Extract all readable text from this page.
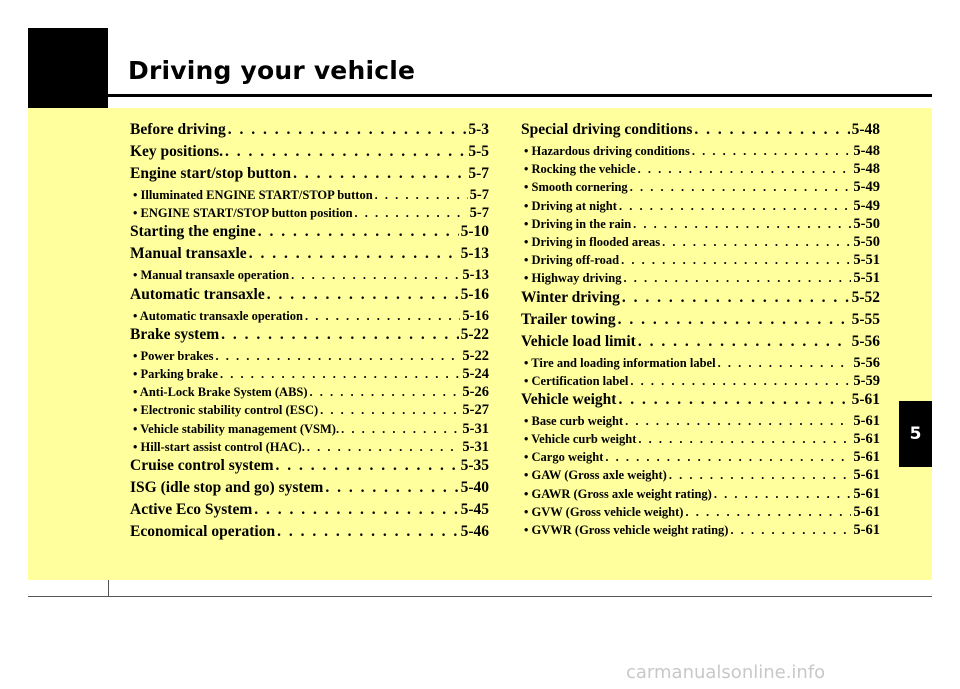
Driving your vehicle
5
Before driving . . .	5-3
Key positions. . . .	5-5
Engine start/stop button . . .	5-7
• Illuminated ENGINE START/STOP button . . .	5-7
• ENGINE START/STOP button position . . .	5-7
Starting the engine . . .	5-10
Manual transaxle . . .	5-13
• Manual transaxle operation . . .	5-13
Automatic transaxle . . .	5-16
• Automatic transaxle operation . . .	5-16
Brake system . . .	5-22
• Power brakes . . .	5-22
• Parking brake . . .	5-24
• Anti-Lock Brake System (ABS) . . .	5-26
• Electronic stability control (ESC) . . .	5-27
• Vehicle stability management (VSM). . . .	5-31
• Hill-start assist control (HAC). . . .	5-31
Cruise control system . . .	5-35
ISG (idle stop and go) system . . .	5-40
Active Eco System . . .	5-45
Economical operation . . .	5-46
Special driving conditions . . .	5-48
• Hazardous driving conditions . . .	5-48
• Rocking the vehicle . . .	5-48
• Smooth cornering . . .	5-49
• Driving at night . . .	5-49
• Driving in the rain . . .	5-50
• Driving in flooded areas . . .	5-50
• Driving off-road . . .	5-51
• Highway driving . . .	5-51
Winter driving . . .	5-52
Trailer towing . . .	5-55
Vehicle load limit . . .	5-56
• Tire and loading information label . . .	5-56
• Certification label . . .	5-59
Vehicle weight . . .	5-61
• Base curb weight . . .	5-61
• Vehicle curb weight . . .	5-61
• Cargo weight . . .	5-61
• GAW (Gross axle weight) . . .	5-61
• GAWR (Gross axle weight rating) . . .	5-61
• GVW (Gross vehicle weight) . . .	5-61
• GVWR (Gross vehicle weight rating) . . .	5-61
carmanualsonline.info
